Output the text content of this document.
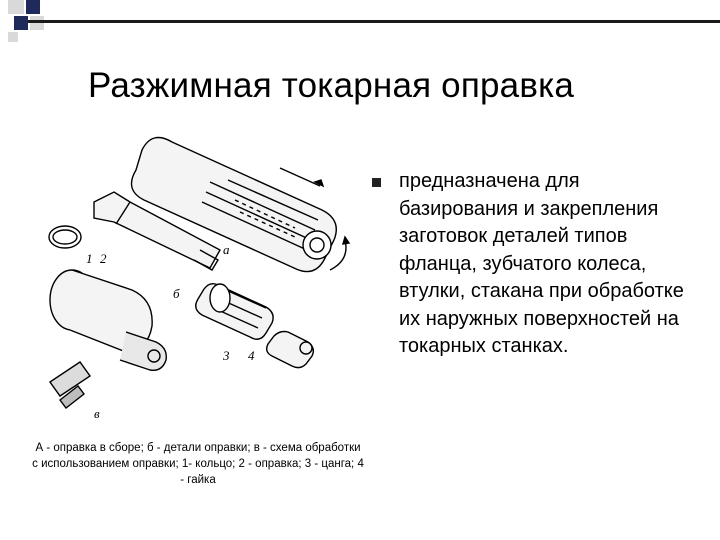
Разжимная токарная оправка
а
б
в
1 2
3 4
А - оправка в сборе; б - детали оправки; в - схема обработки с использованием оправки; 1- кольцо; 2 - оправка; 3 - цанга; 4 - гайка
предназначена для базирования и закрепления заготовок деталей типов фланца, зубчатого колеса, втулки, стакана при обработке их наружных поверхностей на токарных станках.
